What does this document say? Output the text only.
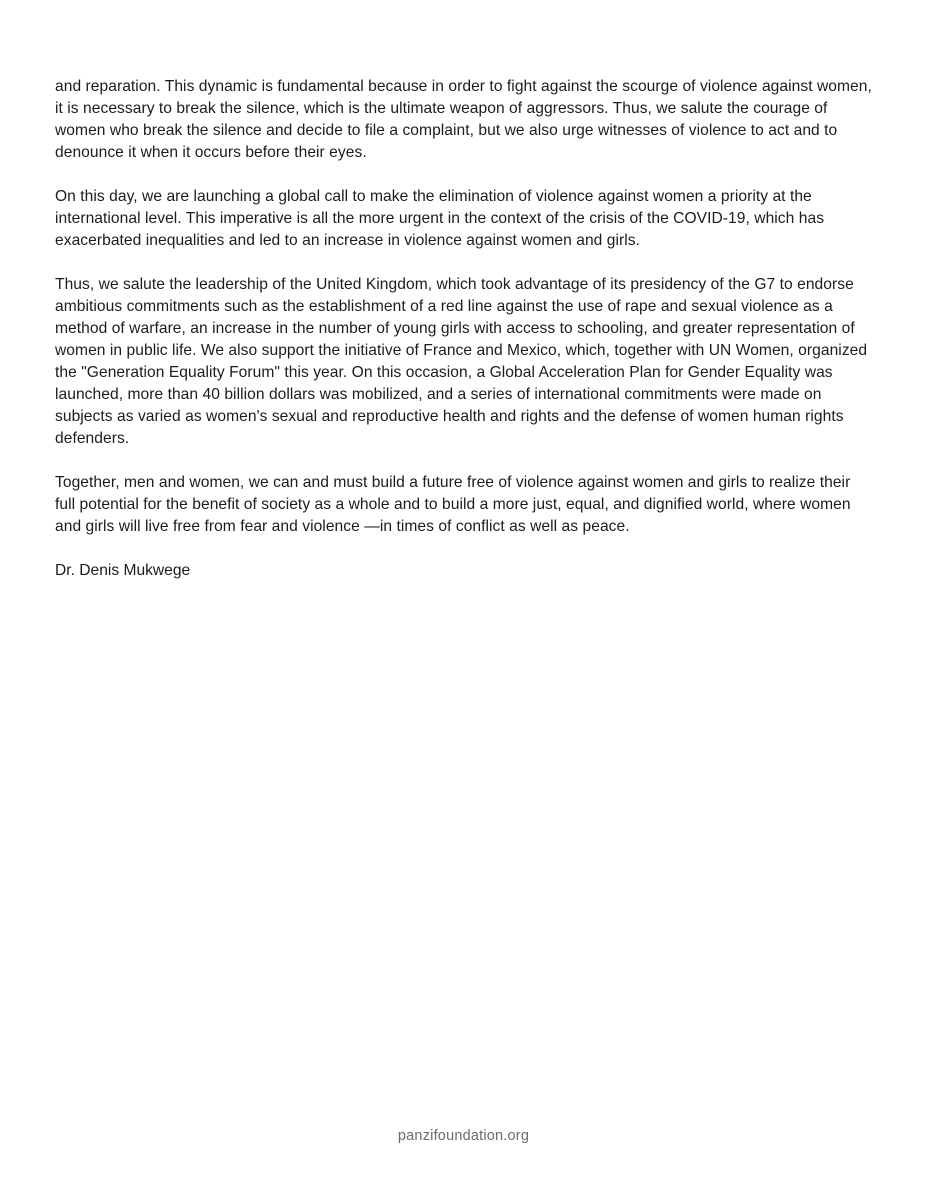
and reparation. This dynamic is fundamental because in order to fight against the scourge of violence against women, it is necessary to break the silence, which is the ultimate weapon of aggressors. Thus, we salute the courage of women who break the silence and decide to file a complaint, but we also urge witnesses of violence to act and to denounce it when it occurs before their eyes.

On this day, we are launching a global call to make the elimination of violence against women a priority at the international level. This imperative is all the more urgent in the context of the crisis of the COVID-19, which has exacerbated inequalities and led to an increase in violence against women and girls.

Thus, we salute the leadership of the United Kingdom, which took advantage of its presidency of the G7 to endorse ambitious commitments such as the establishment of a red line against the use of rape and sexual violence as a method of warfare, an increase in the number of young girls with access to schooling, and greater representation of women in public life. We also support the initiative of France and Mexico, which, together with UN Women, organized the "Generation Equality Forum" this year. On this occasion, a Global Acceleration Plan for Gender Equality was launched, more than 40 billion dollars was mobilized, and a series of international commitments were made on subjects as varied as women's sexual and reproductive health and rights and the defense of women human rights defenders.

Together, men and women, we can and must build a future free of violence against women and girls to realize their full potential for the benefit of society as a whole and to build a more just, equal, and dignified world, where women and girls will live free from fear and violence —in times of conflict as well as peace.

Dr. Denis Mukwege

panzifoundation.org
